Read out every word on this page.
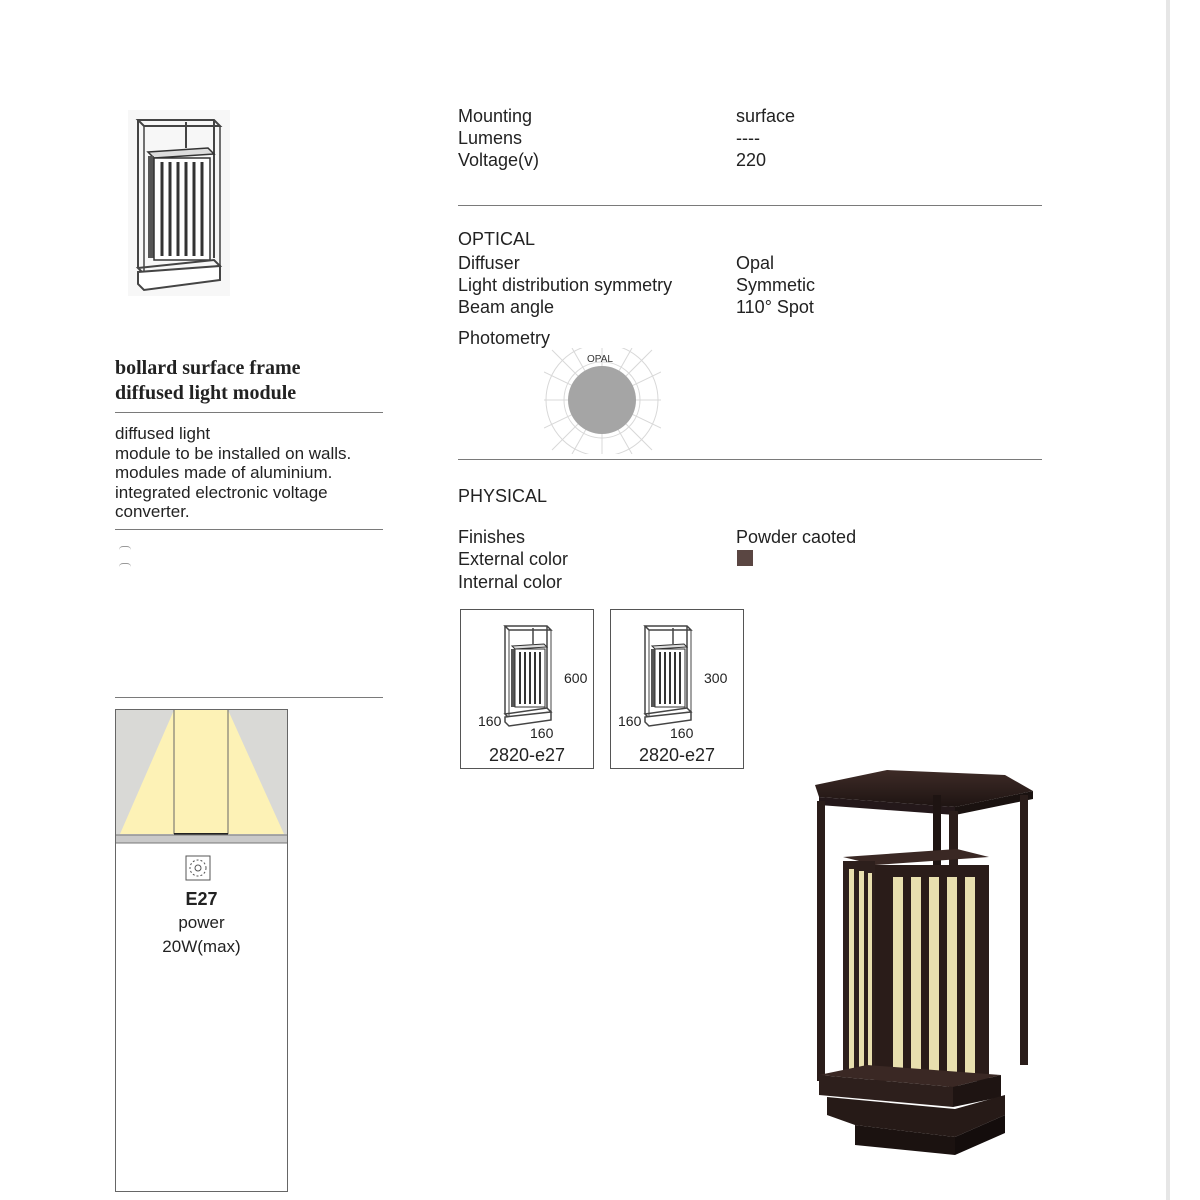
bollard surface frame
diffused light module
diffused light
module to be installed on walls.
modules made of aluminium.
integrated electronic voltage
converter.
Mounting	surface
Lumens	----
Voltage(v)	220
OPTICAL
Diffuser	Opal
Light distribution symmetry	Symmetic
Beam angle	110° Spot
Photometry
OPAL
PHYSICAL
Finishes	Powder caoted
External color
Internal color
600
160
160
2820-e27
300
160
160
2820-e27
E27
power
20W(max)
